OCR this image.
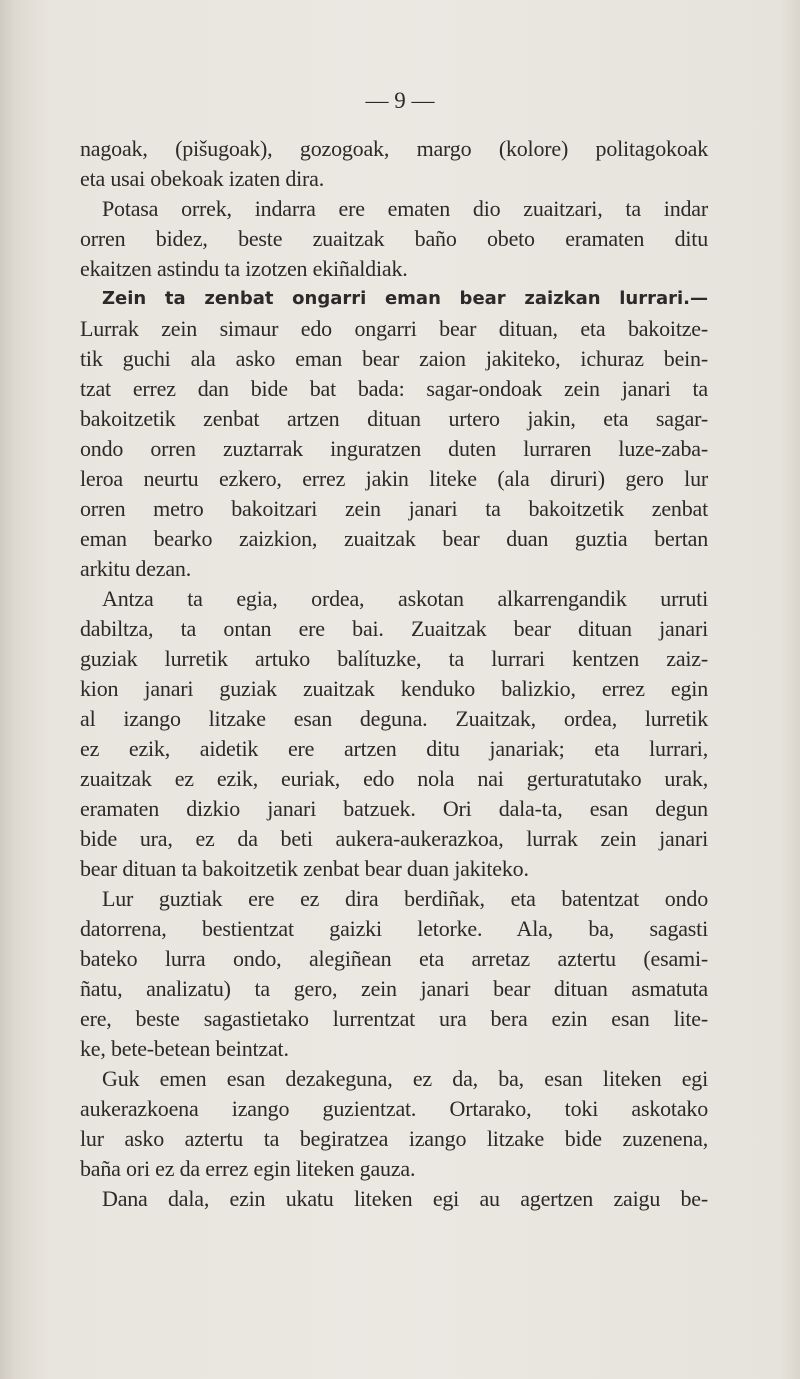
— 9 —
nagoak, (pišugoak), gozogoak, margo (kolore) politagokoak
eta usai obekoak izaten dira.
Potasa orrek, indarra ere ematen dio zuaitzari, ta indar
orren bidez, beste zuaitzak baño obeto eramaten ditu
ekaitzen astindu ta izotzen ekiñaldiak.
Zein ta zenbat ongarri eman bear zaizkan lurrari.—
Lurrak zein simaur edo ongarri bear dituan, eta bakoitze-
tik guchi ala asko eman bear zaion jakiteko, ichuraz bein-
tzat errez dan bide bat bada: sagar-ondoak zein janari ta
bakoitzetik zenbat artzen dituan urtero jakin, eta sagar-
ondo orren zuztarrak inguratzen duten lurraren luze-zaba-
leroa neurtu ezkero, errez jakin liteke (ala diruri) gero lur
orren metro bakoitzari zein janari ta bakoitzetik zenbat
eman bearko zaizkion, zuaitzak bear duan guztia bertan
arkitu dezan.
Antza ta egia, ordea, askotan alkarrengandik urruti
dabiltza, ta ontan ere bai. Zuaitzak bear dituan janari
guziak lurretik artuko balítuzke, ta lurrari kentzen zaiz-
kion janari guziak zuaitzak kenduko balizkio, errez egin
al izango litzake esan deguna. Zuaitzak, ordea, lurretik
ez ezik, aidetik ere artzen ditu janariak; eta lurrari,
zuaitzak ez ezik, euriak, edo nola nai gerturatutako urak,
eramaten dizkio janari batzuek. Ori dala-ta, esan degun
bide ura, ez da beti aukera-aukerazkoa, lurrak zein janari
bear dituan ta bakoitzetik zenbat bear duan jakiteko.
Lur guztiak ere ez dira berdiñak, eta batentzat ondo
datorrena, bestientzat gaizki letorke. Ala, ba, sagasti
bateko lurra ondo, alegiñean eta arretaz aztertu (esami-
ñatu, analizatu) ta gero, zein janari bear dituan asmatuta
ere, beste sagastietako lurrentzat ura bera ezin esan lite-
ke, bete-betean beintzat.
Guk emen esan dezakeguna, ez da, ba, esan liteken egi
aukerazkoena izango guzientzat. Ortarako, toki askotako
lur asko aztertu ta begiratzea izango litzake bide zuzenena,
baña ori ez da errez egin liteken gauza.
Dana dala, ezin ukatu liteken egi au agertzen zaigu be-
